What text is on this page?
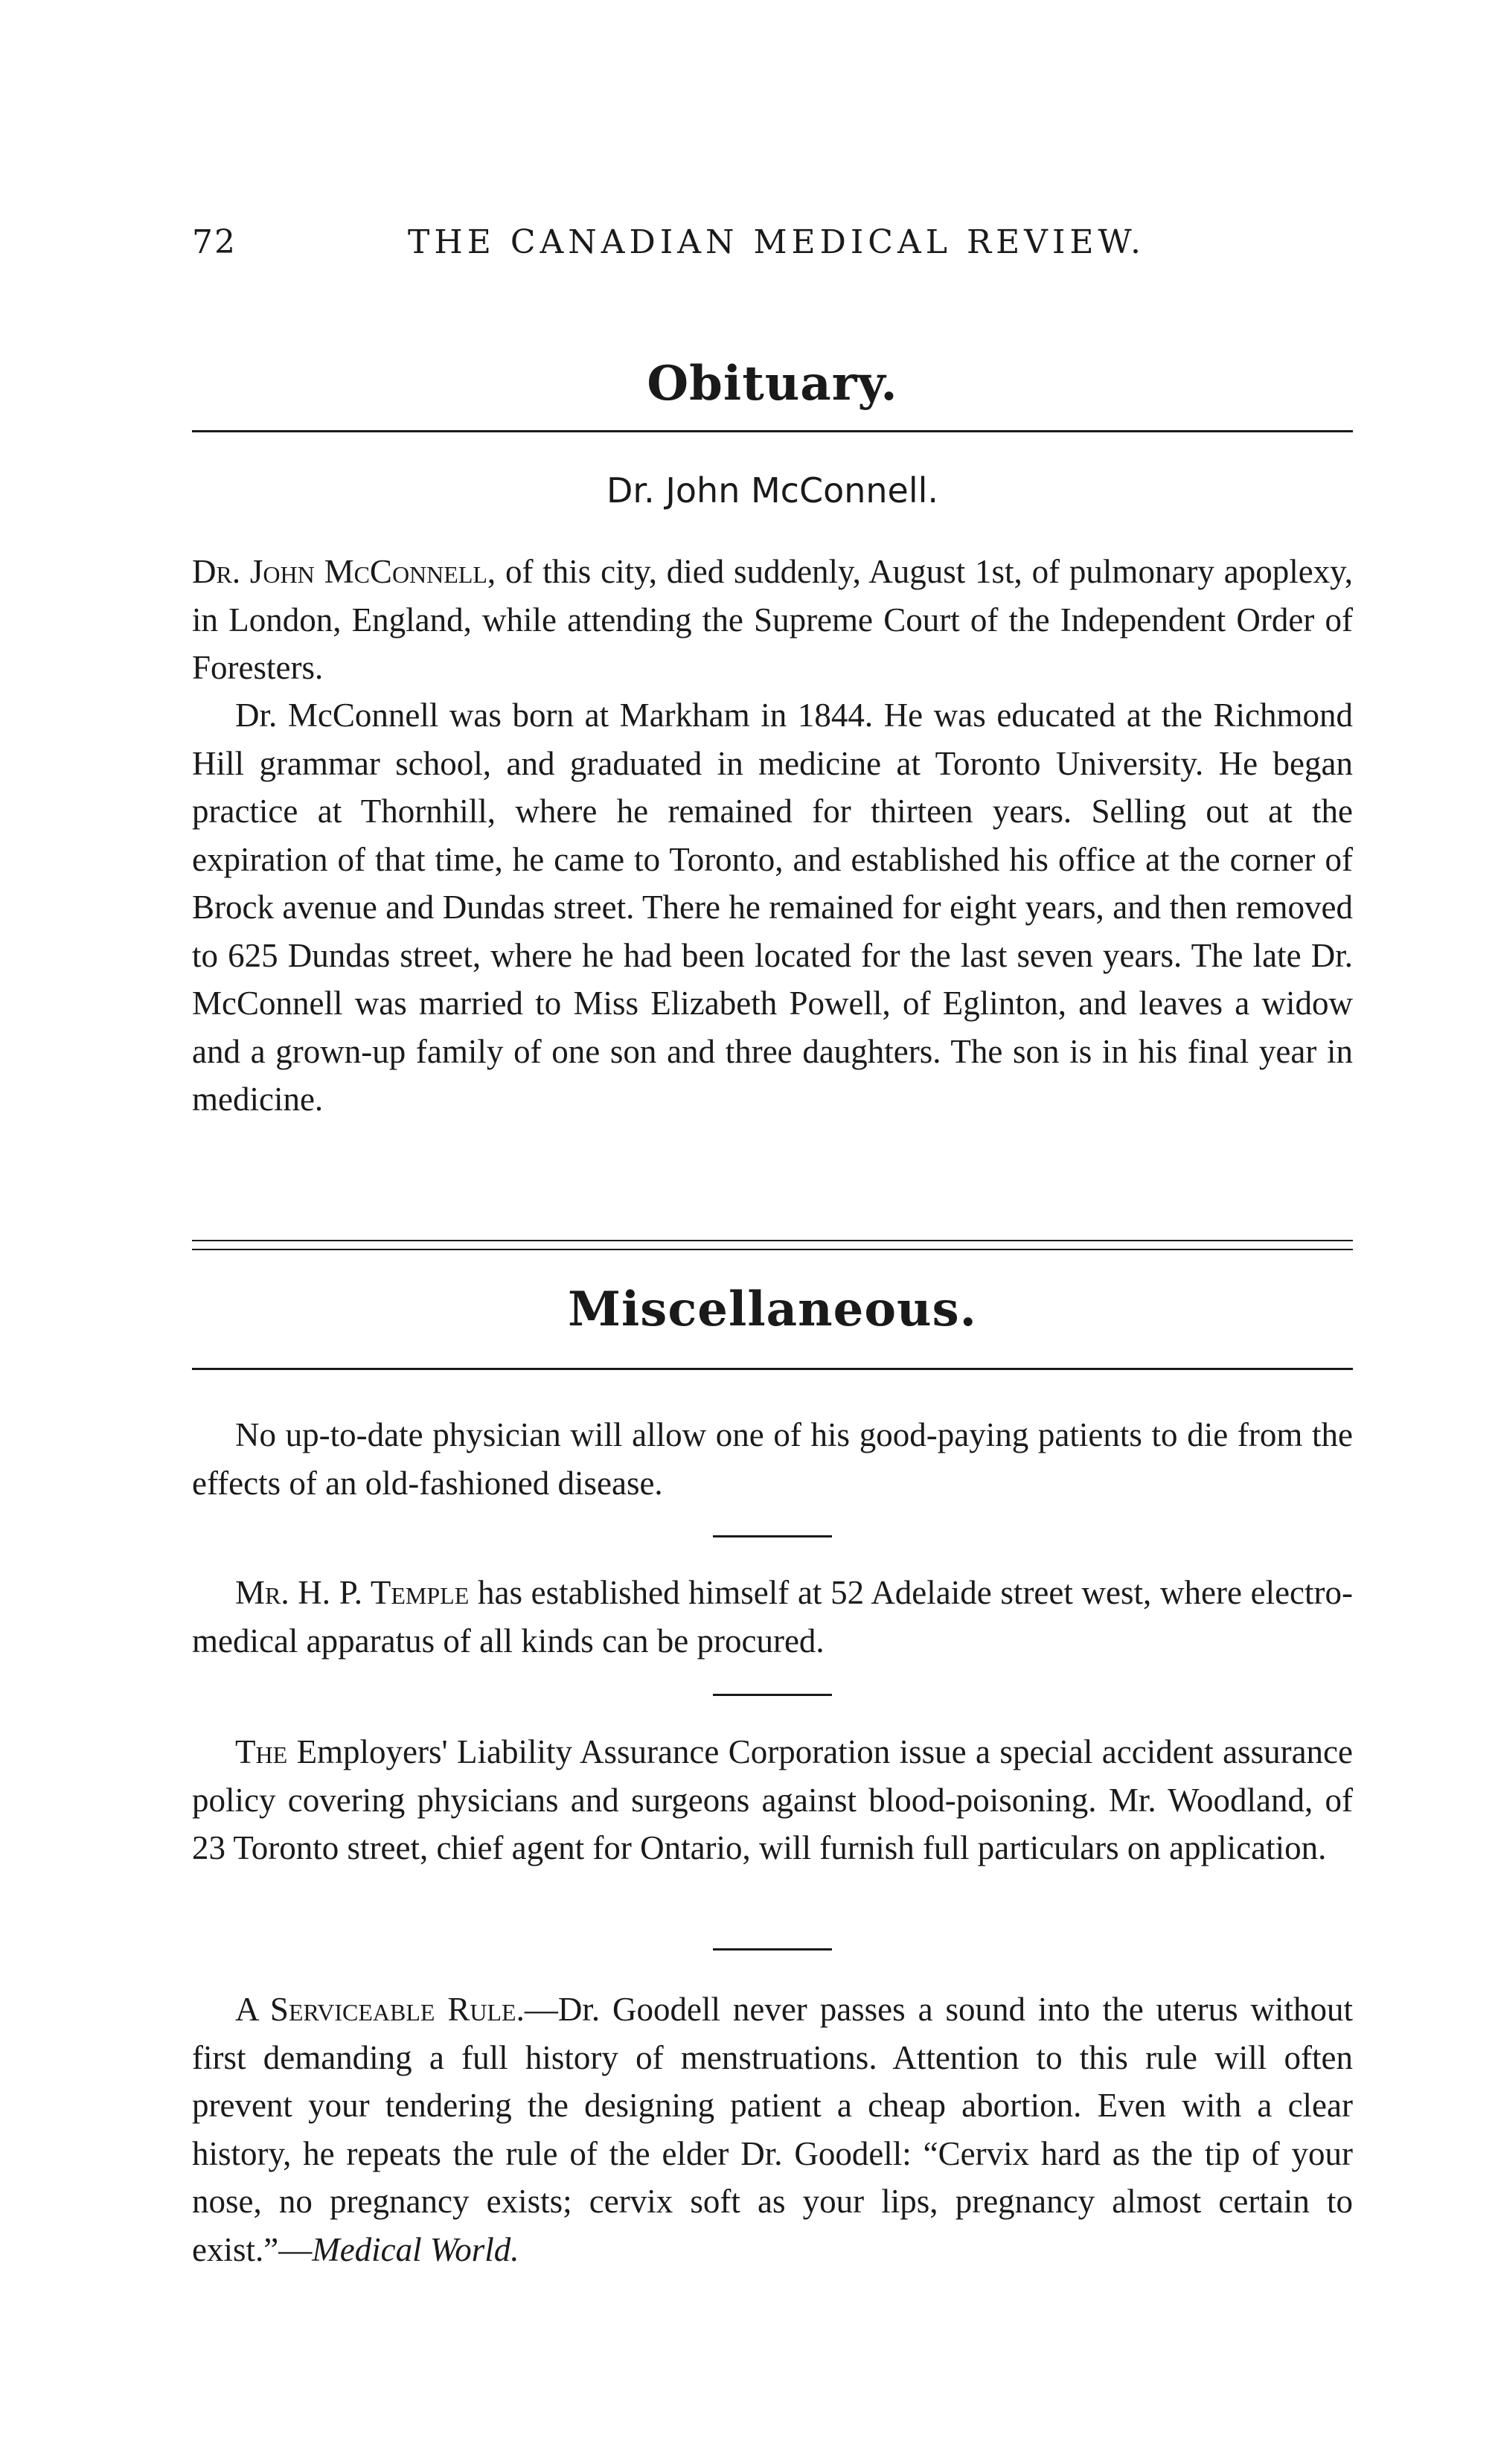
72	THE CANADIAN MEDICAL REVIEW.
Obituary.
Dr. John McConnell.

Dr. John McConnell, of this city, died suddenly, August 1st, of pulmonary apoplexy, in London, England, while attending the Supreme Court of the Independent Order of Foresters.

Dr. McConnell was born at Markham in 1844. He was educated at the Richmond Hill grammar school, and graduated in medicine at Toronto University. He began practice at Thornhill, where he remained for thirteen years. Selling out at the expiration of that time, he came to Toronto, and established his office at the corner of Brock avenue and Dundas street. There he remained for eight years, and then removed to 625 Dundas street, where he had been located for the last seven years. The late Dr. McConnell was married to Miss Elizabeth Powell, of Eglinton, and leaves a widow and a grown-up family of one son and three daughters. The son is in his final year in medicine.

Miscellaneous.

No up-to-date physician will allow one of his good-paying patients to die from the effects of an old-fashioned disease.

Mr. H. P. Temple has established himself at 52 Adelaide street west, where electro-medical apparatus of all kinds can be procured.

The Employers' Liability Assurance Corporation issue a special accident assurance policy covering physicians and surgeons against blood-poisoning. Mr. Woodland, of 23 Toronto street, chief agent for Ontario, will furnish full particulars on application.

A Serviceable Rule.—Dr. Goodell never passes a sound into the uterus without first demanding a full history of menstruations. Attention to this rule will often prevent your tendering the designing patient a cheap abortion. Even with a clear history, he repeats the rule of the elder Dr. Goodell: “Cervix hard as the tip of your nose, no pregnancy exists; cervix soft as your lips, pregnancy almost certain to exist.”—Medical World.
